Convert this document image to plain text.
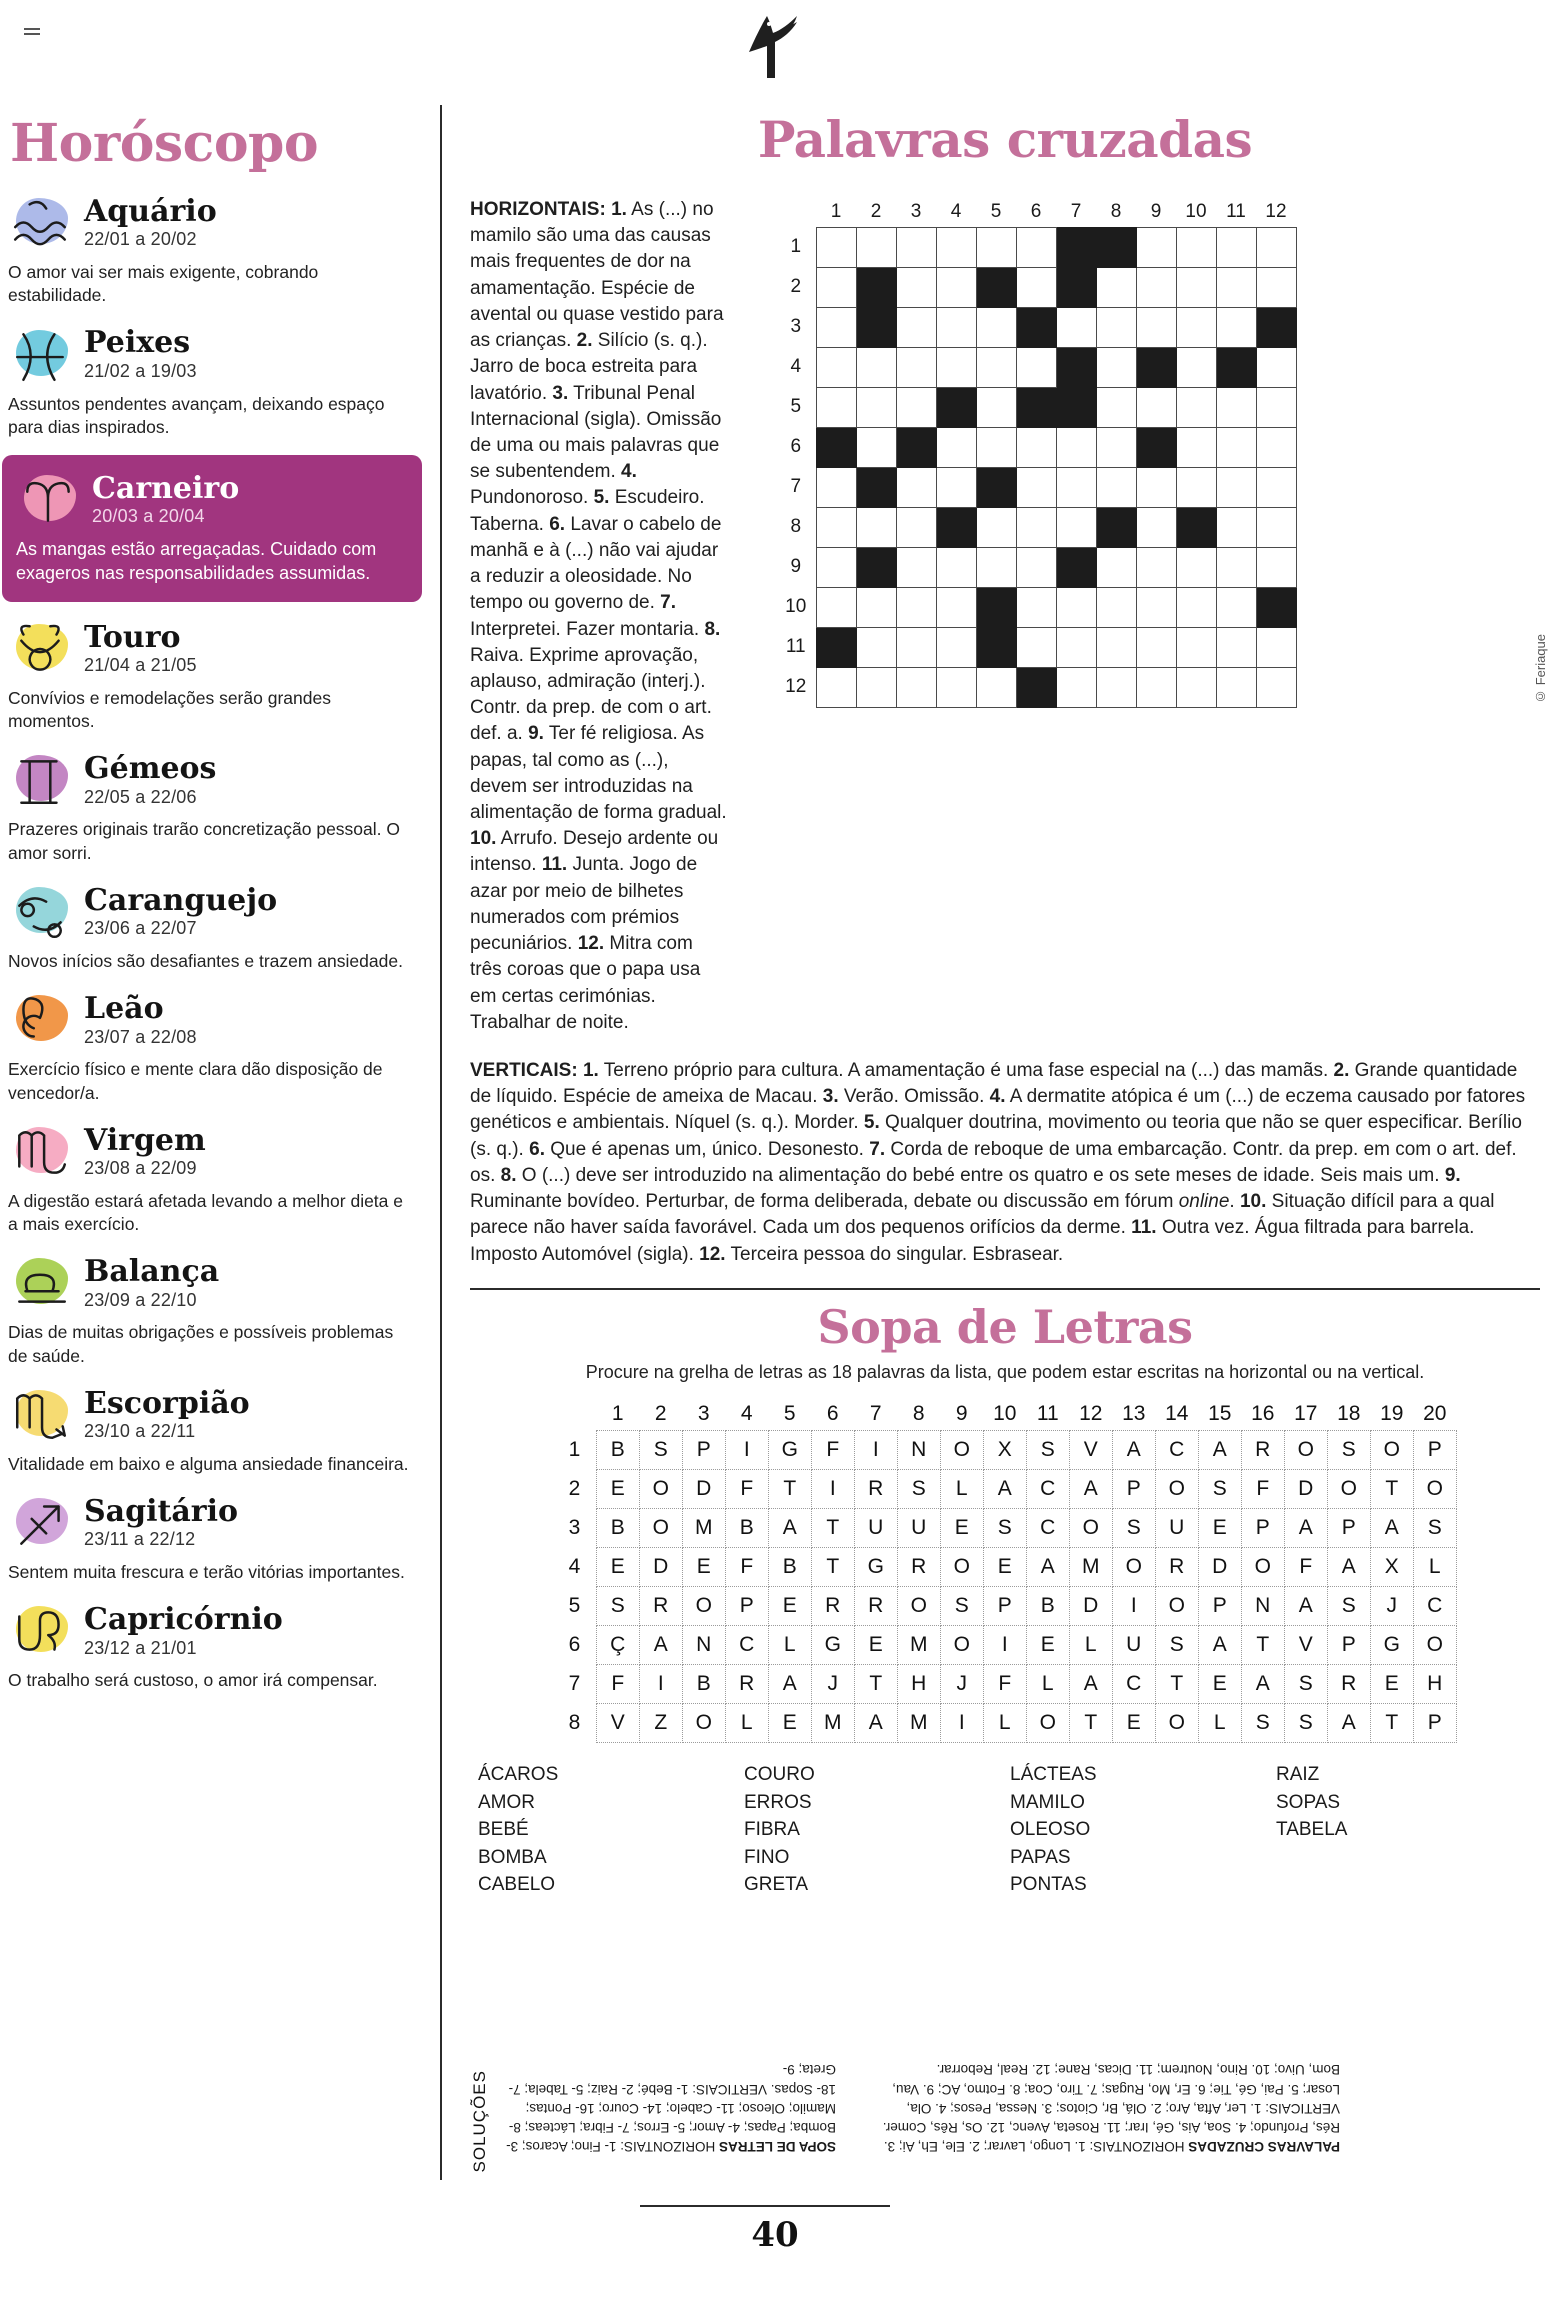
Horóscopo
Aquário
22/01 a 20/02
O amor vai ser mais exigente, cobrando estabilidade.
Peixes
21/02 a 19/03
Assuntos pendentes avançam, deixando espaço para dias inspirados.
Carneiro
20/03 a 20/04
As mangas estão arregaçadas. Cuidado com exageros nas responsabilidades assumidas.
Touro
21/04 a 21/05
Convívios e remodelações serão grandes momentos.
Gémeos
22/05 a 22/06
Prazeres originais trarão concretização pessoal. O amor sorri.
Caranguejo
23/06 a 22/07
Novos inícios são desafiantes e trazem ansiedade.
Leão
23/07 a 22/08
Exercício físico e mente clara dão disposição de vencedor/a.
Virgem
23/08 a 22/09
A digestão estará afetada levando a melhor dieta e a mais exercício.
Balança
23/09 a 22/10
Dias de muitas obrigações e possíveis problemas de saúde.
Escorpião
23/10 a 22/11
Vitalidade em baixo e alguma ansiedade financeira.
Sagitário
23/11 a 22/12
Sentem muita frescura e terão vitórias importantes.
Capricórnio
23/12 a 21/01
O trabalho será custoso, o amor irá compensar.
Palavras cruzadas
HORIZONTAIS: 1. As (...) no mamilo são uma das causas mais frequentes de dor na amamentação. Espécie de avental ou quase vestido para as crianças. 2. Silício (s. q.). Jarro de boca estreita para lavatório. 3. Tribunal Penal Internacional (sigla). Omissão de uma ou mais palavras que se subentendem. 4. Pundonoroso. 5. Escudeiro. Taberna. 6. Lavar o cabelo de manhã e à (...) não vai ajudar a reduzir a oleosidade. No tempo ou governo de. 7. Interpretei. Fazer montaria. 8. Raiva. Exprime aprovação, aplauso, admiração (interj.). Contr. da prep. de com o art. def. a. 9. Ter fé religiosa. As papas, tal como as (...), devem ser introduzidas na alimentação de forma gradual. 10. Arrufo. Desejo ardente ou intenso. 11. Junta. Jogo de azar por meio de bilhetes numerados com prémios pecuniários. 12. Mitra com três coroas que o papa usa em certas cerimónias. Trabalhar de noite.
	1	2	3	4	5	6	7	8	9	10	11	12
1												
2												
3												
4												
5												
6												
7												
8												
9												
10												
11												
12													© Feriaque
VERTICAIS: 1. Terreno próprio para cultura. A amamentação é uma fase especial na (...) das mamãs. 2. Grande quantidade de líquido. Espécie de ameixa de Macau. 3. Verão. Omissão. 4. A dermatite atópica é um (...) de eczema causado por fatores genéticos e ambientais. Níquel (s. q.). Morder. 5. Qualquer doutrina, movimento ou teoria que não se quer especificar. Berílio (s. q.). 6. Que é apenas um, único. Desonesto. 7. Corda de reboque de uma embarcação. Contr. da prep. em com o art. def. os. 8. O (...) deve ser introduzido na alimentação do bebé entre os quatro e os sete meses de idade. Seis mais um. 9. Ruminante bovídeo. Perturbar, de forma deliberada, debate ou discussão em fórum online. 10. Situação difícil para a qual parece não haver saída favorável. Cada um dos pequenos orifícios da derme. 11. Outra vez. Água filtrada para barrela. Imposto Automóvel (sigla). 12. Terceira pessoa do singular. Esbrasear.
Sopa de Letras
Procure na grelha de letras as 18 palavras da lista, que podem estar escritas na horizontal ou na vertical.
	1	2	3	4	5	6	7	8	9	10	11	12	13	14	15	16	17	18	19	20
1	B	S	P	I	G	F	I	N	O	X	S	V	A	C	A	R	O	S	O	P
2	E	O	D	F	T	I	R	S	L	A	C	A	P	O	S	F	D	O	T	O
3	B	O	M	B	A	T	U	U	E	S	C	O	S	U	E	P	A	P	A	S
4	E	D	E	F	B	T	G	R	O	E	A	M	O	R	D	O	F	A	X	L
5	S	R	O	P	E	R	R	O	S	P	B	D	I	O	P	N	A	S	J	C
6	Ç	A	N	C	L	G	E	M	O	I	E	L	U	S	A	T	V	P	G	O
7	F	I	B	R	A	J	T	H	J	F	L	A	C	T	E	A	S	R	E	H
8	V	Z	O	L	E	M	A	M	I	L	O	T	E	O	L	S	S	A	T	P
ÁCAROS
AMOR
BEBÉ
BOMBA
CABELO
COURO
ERROS
FIBRA
FINO
GRETA
LÁCTEAS
MAMILO
OLEOSO
PAPAS
PONTAS
RAIZ
SOPAS
TABELA

SOLUÇÕES	SOPA DE LETRAS HORIZONTAIS: 1- Fino; Acaros; 3- Bomba; Papas; 4- Amor; 5- Erros; 7- Fibra; Lácteas; 8- Mamilo; Oleoso; 11- Cabelo; 14- Couro; 16- Pontas; 18- Sopas. VERTICAIS: 1- Bebé; 2- Raiz; 5- Tabela; 7- Greta; 9-
PALAVRAS CRUZADAS HORIZONTAIS: 1. Longo, Lavrar; 2. Ele, Eh, Ai; 3. Rés, Profundo; 4. Soa, Ais, Gé, Irar; 11. Roseta, Avenc, 12. Os, Rês, Comer. VERTICAIS: 1. Ler, Afta, Aro; 2. Olá, Br, Ciotos; 3. Nessa, Pesos; 4. Ola, Losar; 5. Pai, Gé, Tie; 6. Er, Mo, Rugas; 7. Tiro, Coa; 8. Fotmo, AC; 9. Vau, Bom, Uivo; 10. Rino, Noutrem; 11. Dicas, Rane; 12. Real, Reborrar.
40
